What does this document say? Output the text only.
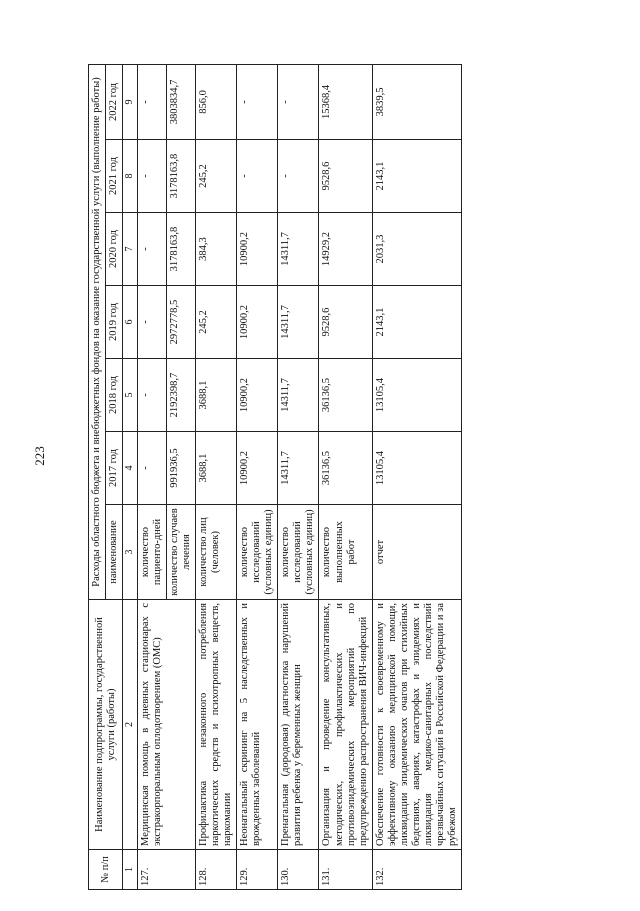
223
№ п/п	Наименование подпрограммы, государственной услуги (работы)	Расходы областного бюджета и внебюджетных фондов на оказание государственной услуги (выполнение работы)						
		наименование	2017 год	2018 год	2019 год	2020 год	2021 год	2022 год
1	2	3	4	5	6	7	8	9
127.	Медицинская помощь в дневных стационарах с экстракорпоральным оплодотворением (ОМС)	количество пациенто-дней	-	-	-	-	-	-
		количество случаев лечения	991936,5	2192398,7	2972778,5	3178163,8	3178163,8	3803834,7
128.	Профилактика незаконного потребления наркотических средств и психотропных веществ, наркомании	количество лиц (человек)	3688,1	3688,1	245,2	384,3	245,2	856,0
129.	Неонатальный скрининг на 5 наследственных и врожденных заболеваний	количество исследований (условных единиц)	10900,2	10900,2	10900,2	10900,2	-	-
130.	Пренатальная (дородовая) диагностика нарушений развития ребенка у беременных женщин	количество исследований (условных единиц)	14311,7	14311,7	14311,7	14311,7	-	-
131.	Организация и проведение консультативных, методических, профилактических и противоэпидемических мероприятий по предупреждению распространения ВИЧ-инфекций	количество выполненных работ	36136,5	36136,5	9528,6	14929,2	9528,6	15368,4
132.	Обеспечение готовности к своевременному и эффективному оказанию медицинской помощи, ликвидации эпидемических очагов при стихийных бедствиях, авариях, катастрофах и эпидемиях и ликвидация медико-санитарных последствий чрезвычайных ситуаций в Российской Федерации и за рубежом	отчет	13105,4	13105,4	2143,1	2031,3	2143,1	3839,5
